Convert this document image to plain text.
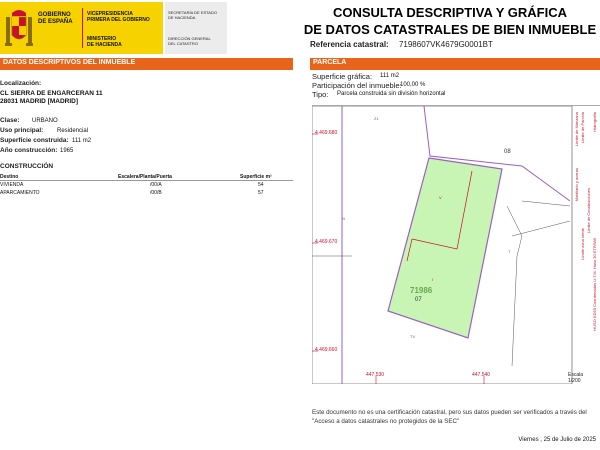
GOBIERNO
DE ESPAÑA
VICEPRESIDENCIA
PRIMERA DEL GOBIERNO
MINISTERIO
DE HACIENDA
SECRETARÍA DE ESTADO
DE HACIENDA
DIRECCIÓN GENERAL
DEL CATASTRO
CONSULTA DESCRIPTIVA Y GRÁFICA
DE DATOS CATASTRALES DE BIEN INMUEBLE
Referencia catastral: 7198607VK4679G0001BT
DATOS DESCRIPTIVOS DEL INMUEBLE	PARCELA
Localización:
CL SIERRA DE ENGARCERAN 11
28031 MADRID [MADRID]
Clase: URBANO
Uso principal: Residencial
Superficie construida: 111 m2
Año construcción: 1965
CONSTRUCCIÓN
Destino	Escalera/Planta/Puerta	Superficie m²
VIVIENDA	/00/A	54
APARCAMIENTO	/00/B	57
Superficie gráfica: 111 m2
Participación del inmueble:
100,00 %
Tipo: Parcela construida sin división horizontal
4.469.680
4.469.670
4.469.660
447.530	447.540
08
71986
07
Z1
N
V
I
T
TV
Escala
1/200
Límite de Manzana Límite de Parcela
Límite de Construcciones
Mobiliario y aceras
Límite zona verde
Hidrografía
HUSO ED50 Coordenadas U.T.M. Huso 30 ETRS89
Este documento no es una certificación catastral, pero sus datos pueden ser verificados a través del "Acceso a datos catastrales no protegidos de la SEC"
Viernes , 25 de Julio de 2025
